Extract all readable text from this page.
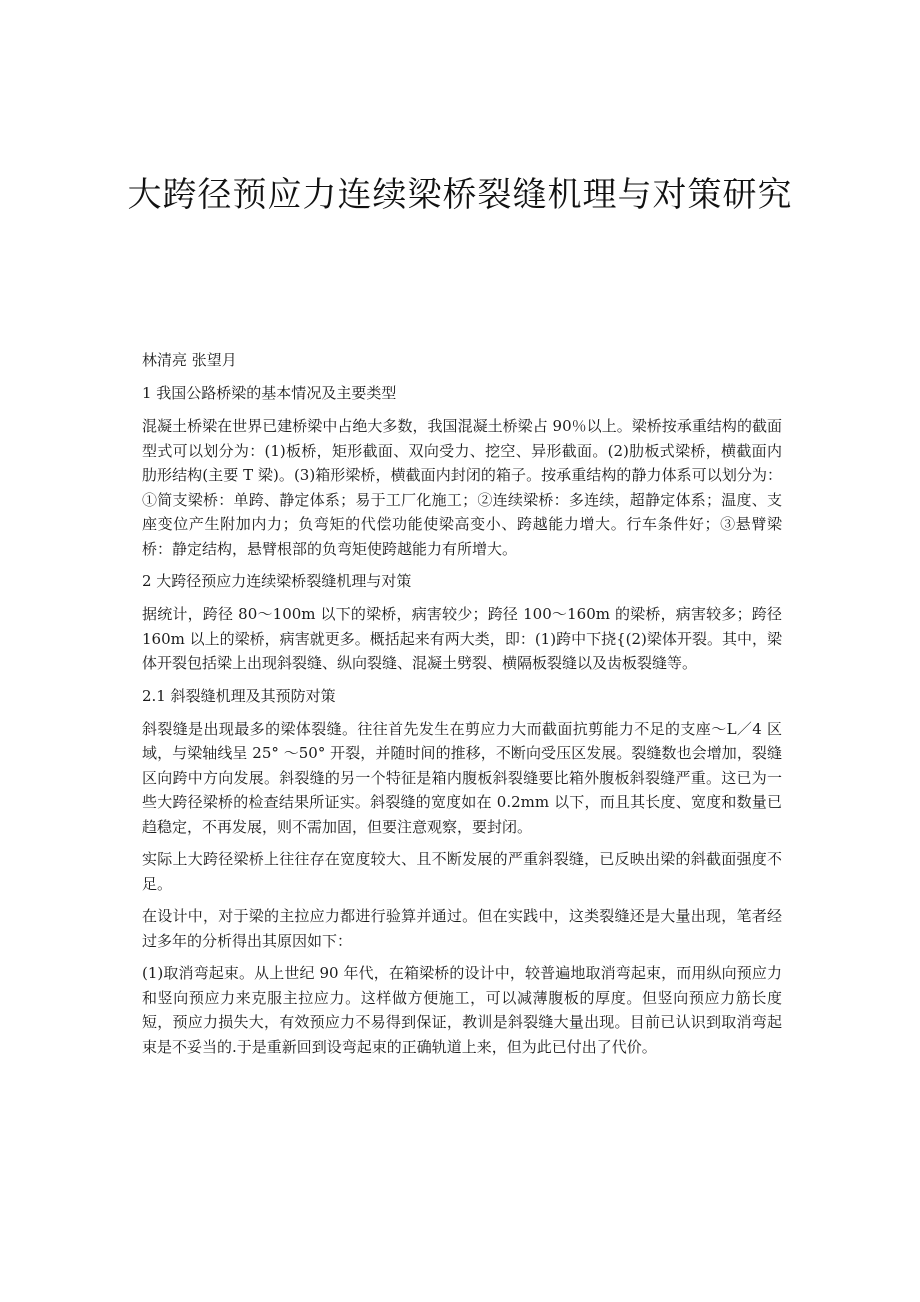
大跨径预应力连续梁桥裂缝机理与对策研究

林清亮 张望月

1 我国公路桥梁的基本情况及主要类型

混凝土桥梁在世界已建桥梁中占绝大多数，我国混凝土桥梁占 90％以上。梁桥按承重结构的截面型式可以划分为：(1)板桥，矩形截面、双向受力、挖空、异形截面。(2)肋板式梁桥，横截面内肋形结构(主要 T 梁)。(3)箱形梁桥，横截面内封闭的箱子。按承重结构的静力体系可以划分为：①简支梁桥：单跨、静定体系；易于工厂化施工；②连续梁桥：多连续，超静定体系；温度、支座变位产生附加内力；负弯矩的代偿功能使梁高变小、跨越能力增大。行车条件好；③悬臂梁桥：静定结构，悬臂根部的负弯矩使跨越能力有所增大。

2 大跨径预应力连续梁桥裂缝机理与对策

据统计，跨径 80～100m 以下的梁桥，病害较少；跨径 100～160m 的梁桥，病害较多；跨径 160m 以上的梁桥，病害就更多。概括起来有两大类，即：(1)跨中下挠{(2)梁体开裂。其中，梁体开裂包括梁上出现斜裂缝、纵向裂缝、混凝土劈裂、横隔板裂缝以及齿板裂缝等。

2.1 斜裂缝机理及其预防对策

斜裂缝是出现最多的梁体裂缝。往往首先发生在剪应力大而截面抗剪能力不足的支座～L／4 区域，与梁轴线呈 25° ～50° 开裂，并随时间的推移，不断向受压区发展。裂缝数也会增加，裂缝区向跨中方向发展。斜裂缝的另一个特征是箱内腹板斜裂缝要比箱外腹板斜裂缝严重。这已为一些大跨径梁桥的检查结果所证实。斜裂缝的宽度如在 0.2mm 以下，而且其长度、宽度和数量已趋稳定，不再发展，则不需加固，但要注意观察，要封闭。

实际上大跨径梁桥上往往存在宽度较大、且不断发展的严重斜裂缝，已反映出梁的斜截面强度不足。

在设计中，对于梁的主拉应力都进行验算并通过。但在实践中，这类裂缝还是大量出现，笔者经过多年的分析得出其原因如下：

(1)取消弯起束。从上世纪 90 年代，在箱梁桥的设计中，较普遍地取消弯起束，而用纵向预应力和竖向预应力来克服主拉应力。这样做方便施工，可以减薄腹板的厚度。但竖向预应力筋长度短，预应力损失大，有效预应力不易得到保证，教训是斜裂缝大量出现。目前已认识到取消弯起束是不妥当的.于是重新回到设弯起束的正确轨道上来，但为此已付出了代价。
